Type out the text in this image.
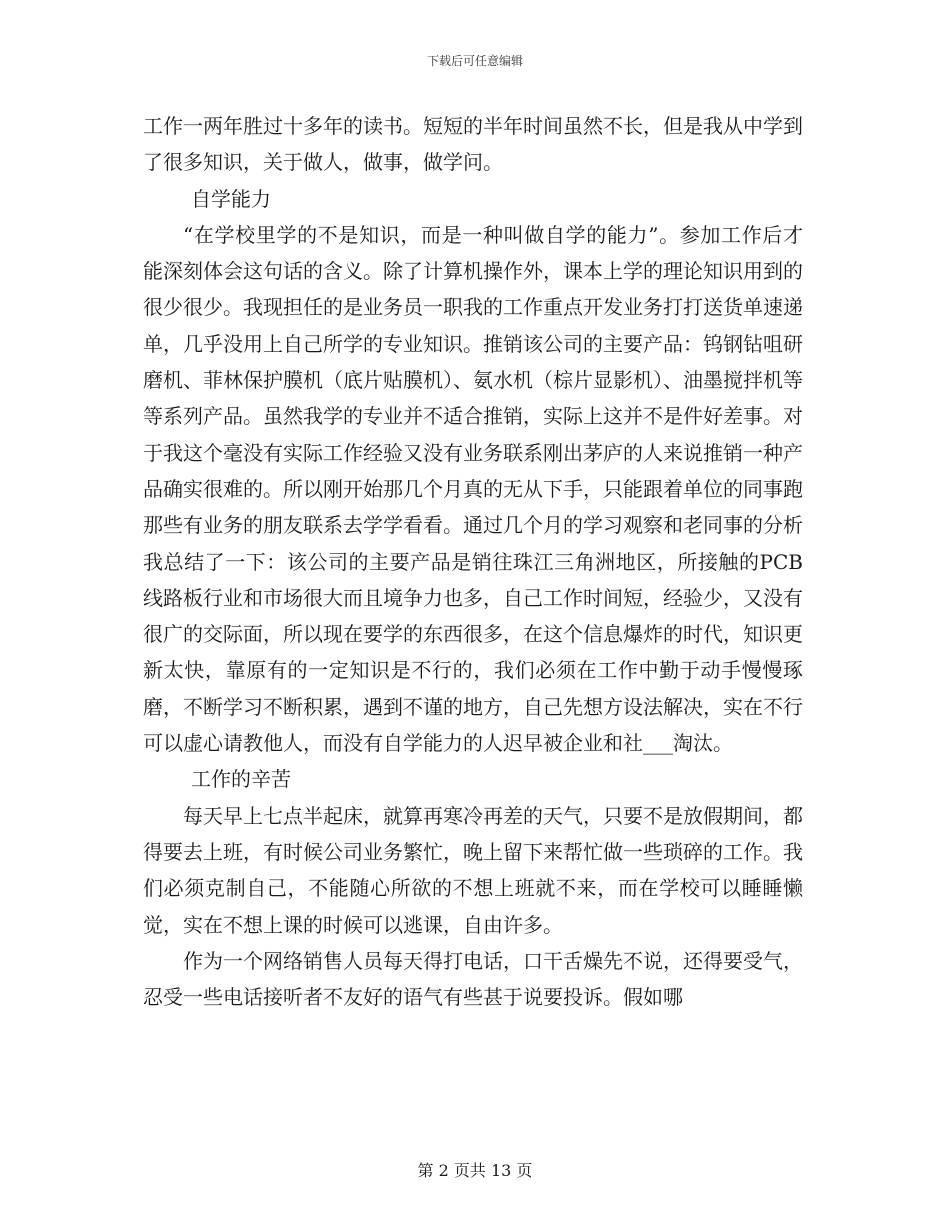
下载后可任意编辑

工作一两年胜过十多年的读书。短短的半年时间虽然不长，但是我从中学到了很多知识，关于做人，做事，做学问。

自学能力

“在学校里学的不是知识，而是一种叫做自学的能力”。参加工作后才能深刻体会这句话的含义。除了计算机操作外，课本上学的理论知识用到的很少很少。我现担任的是业务员一职我的工作重点开发业务打打送货单速递单，几乎没用上自己所学的专业知识。推销该公司的主要产品：钨钢钻咀研磨机、菲林保护膜机（底片贴膜机）、氨水机（棕片显影机）、油墨搅拌机等等系列产品。虽然我学的专业并不适合推销，实际上这并不是件好差事。对于我这个毫没有实际工作经验又没有业务联系刚出茅庐的人来说推销一种产品确实很难的。所以刚开始那几个月真的无从下手，只能跟着单位的同事跑那些有业务的朋友联系去学学看看。通过几个月的学习观察和老同事的分析我总结了一下：该公司的主要产品是销往珠江三角洲地区，所接触的PCB线路板行业和市场很大而且境争力也多，自己工作时间短，经验少，又没有很广的交际面，所以现在要学的东西很多，在这个信息爆炸的时代，知识更新太快，靠原有的一定知识是不行的，我们必须在工作中勤于动手慢慢琢磨，不断学习不断积累，遇到不谨的地方，自己先想方设法解决，实在不行可以虚心请教他人，而没有自学能力的人迟早被企业和社___淘汰。

工作的辛苦

每天早上七点半起床，就算再寒冷再差的天气，只要不是放假期间，都得要去上班，有时候公司业务繁忙，晚上留下来帮忙做一些琐碎的工作。我们必须克制自己，不能随心所欲的不想上班就不来，而在学校可以睡睡懒觉，实在不想上课的时候可以逃课，自由许多。

作为一个网络销售人员每天得打电话，口干舌燥先不说，还得要受气，忍受一些电话接听者不友好的语气有些甚于说要投诉。假如哪

第 2 页共 13 页
